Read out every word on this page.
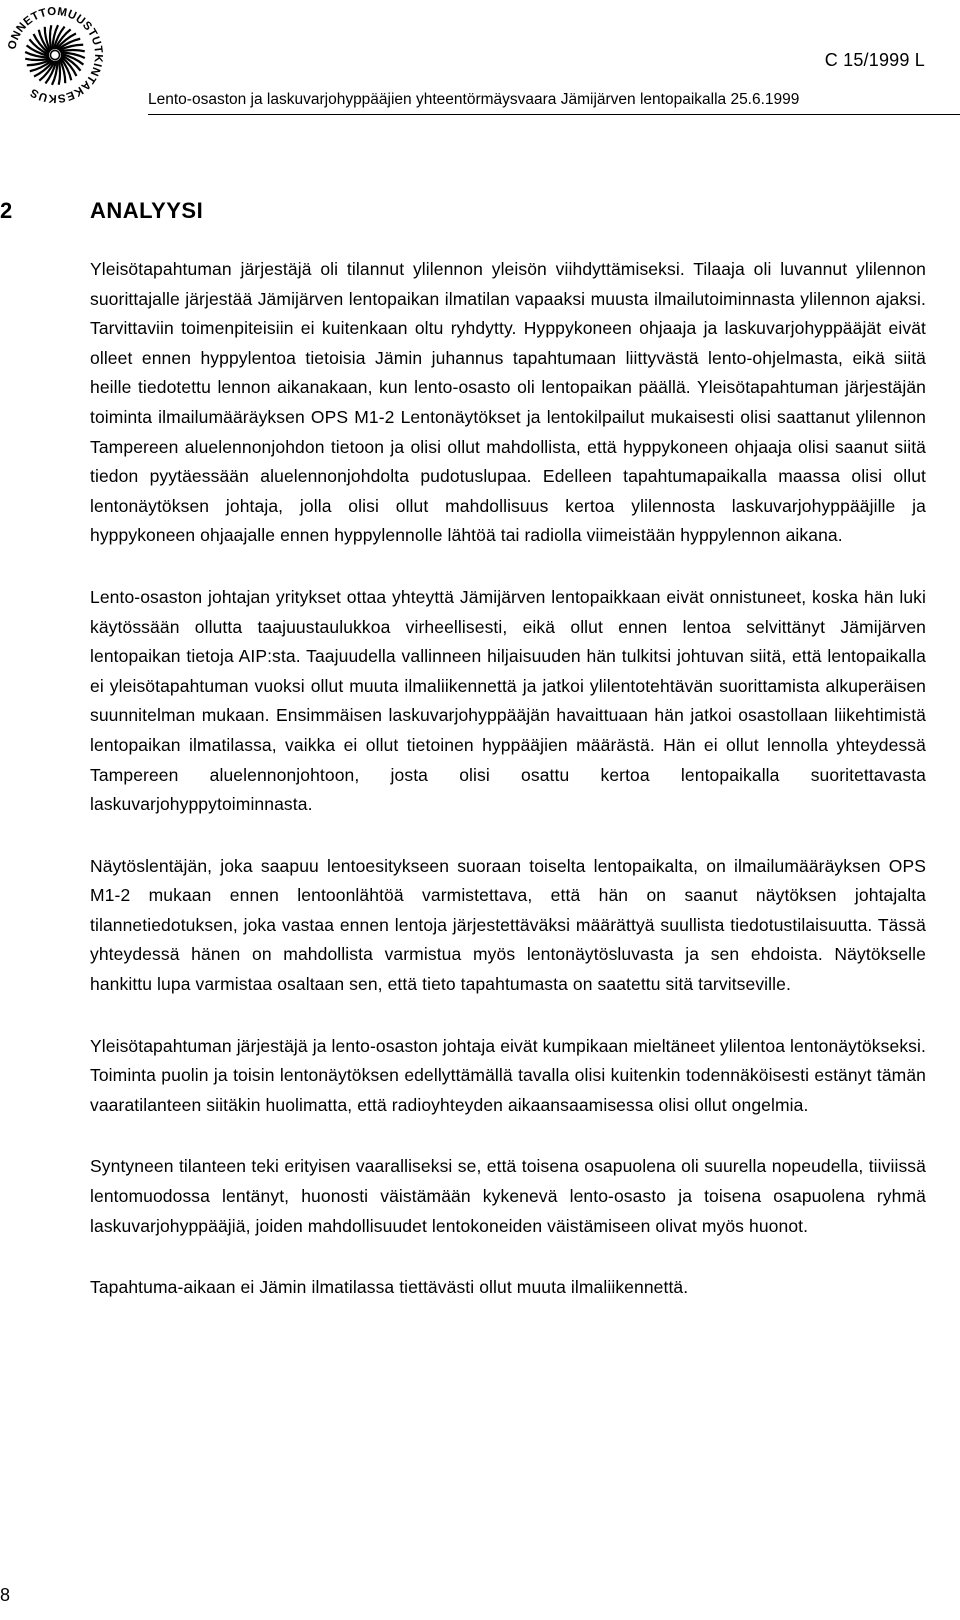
ONNETTOMUUSTUTKINTAKESKUS
C 15/1999 L
Lento-osaston ja laskuvarjohyppääjien yhteentörmäysvaara Jämijärven lentopaikalla 25.6.1999
2	ANALYYSI

Yleisötapahtuman järjestäjä oli tilannut ylilennon yleisön viihdyttämiseksi. Tilaaja oli luvannut ylilennon suorittajalle järjestää Jämijärven lentopaikan ilmatilan vapaaksi muusta ilmailutoiminnasta ylilennon ajaksi. Tarvittaviin toimenpiteisiin ei kuitenkaan oltu ryhdytty. Hyppykoneen ohjaaja ja laskuvarjohyppääjät eivät olleet ennen hyppylentoa tietoisia Jämin juhannus tapahtumaan liittyvästä lento-ohjelmasta, eikä siitä heille tiedotettu lennon aikanakaan, kun lento-osasto oli lentopaikan päällä. Yleisötapahtuman järjestäjän toiminta ilmailumääräyksen OPS M1-2 Lentonäytökset ja lentokilpailut mukaisesti olisi saattanut ylilennon Tampereen aluelennonjohdon tietoon ja olisi ollut mahdollista, että hyppykoneen ohjaaja olisi saanut siitä tiedon pyytäessään aluelennonjohdolta pudotuslupaa. Edelleen tapahtumapaikalla maassa olisi ollut lentonäytöksen johtaja, jolla olisi ollut mahdollisuus kertoa ylilennosta laskuvarjohyppääjille ja hyppykoneen ohjaajalle ennen hyppylennolle lähtöä tai radiolla viimeistään hyppylennon aikana.

Lento-osaston johtajan yritykset ottaa yhteyttä Jämijärven lentopaikkaan eivät onnistuneet, koska hän luki käytössään ollutta taajuustaulukkoa virheellisesti, eikä ollut ennen lentoa selvittänyt Jämijärven lentopaikan tietoja AIP:sta. Taajuudella vallinneen hiljaisuuden hän tulkitsi johtuvan siitä, että lentopaikalla ei yleisötapahtuman vuoksi ollut muuta ilmaliikennettä ja jatkoi ylilentotehtävän suorittamista alkuperäisen suunnitelman mukaan. Ensimmäisen laskuvarjohyppääjän havaittuaan hän jatkoi osastollaan liikehtimistä lentopaikan ilmatilassa, vaikka ei ollut tietoinen hyppääjien määrästä. Hän ei ollut lennolla yhteydessä Tampereen aluelennonjohtoon, josta olisi osattu kertoa lentopaikalla suoritettavasta laskuvarjohyppytoiminnasta.

Näytöslentäjän, joka saapuu lentoesitykseen suoraan toiselta lentopaikalta, on ilmailumääräyksen OPS M1-2 mukaan ennen lentoonlähtöä varmistettava, että hän on saanut näytöksen johtajalta tilannetiedotuksen, joka vastaa ennen lentoja järjestettäväksi määrättyä suullista tiedotustilaisuutta. Tässä yhteydessä hänen on mahdollista varmistua myös lentonäytösluvasta ja sen ehdoista. Näytökselle hankittu lupa varmistaa osaltaan sen, että tieto tapahtumasta on saatettu sitä tarvitseville.

Yleisötapahtuman järjestäjä ja lento-osaston johtaja eivät kumpikaan mieltäneet ylilentoa lentonäytökseksi. Toiminta puolin ja toisin lentonäytöksen edellyttämällä tavalla olisi kuitenkin todennäköisesti estänyt tämän vaaratilanteen siitäkin huolimatta, että radioyhteyden aikaansaamisessa olisi ollut ongelmia.

Syntyneen tilanteen teki erityisen vaaralliseksi se, että toisena osapuolena oli suurella nopeudella, tiiviissä lentomuodossa lentänyt, huonosti väistämään kykenevä lento-osasto ja toisena osapuolena ryhmä laskuvarjohyppääjiä, joiden mahdollisuudet lentokoneiden väistämiseen olivat myös huonot.

Tapahtuma-aikaan ei Jämin ilmatilassa tiettävästi ollut muuta ilmaliikennettä.

8
